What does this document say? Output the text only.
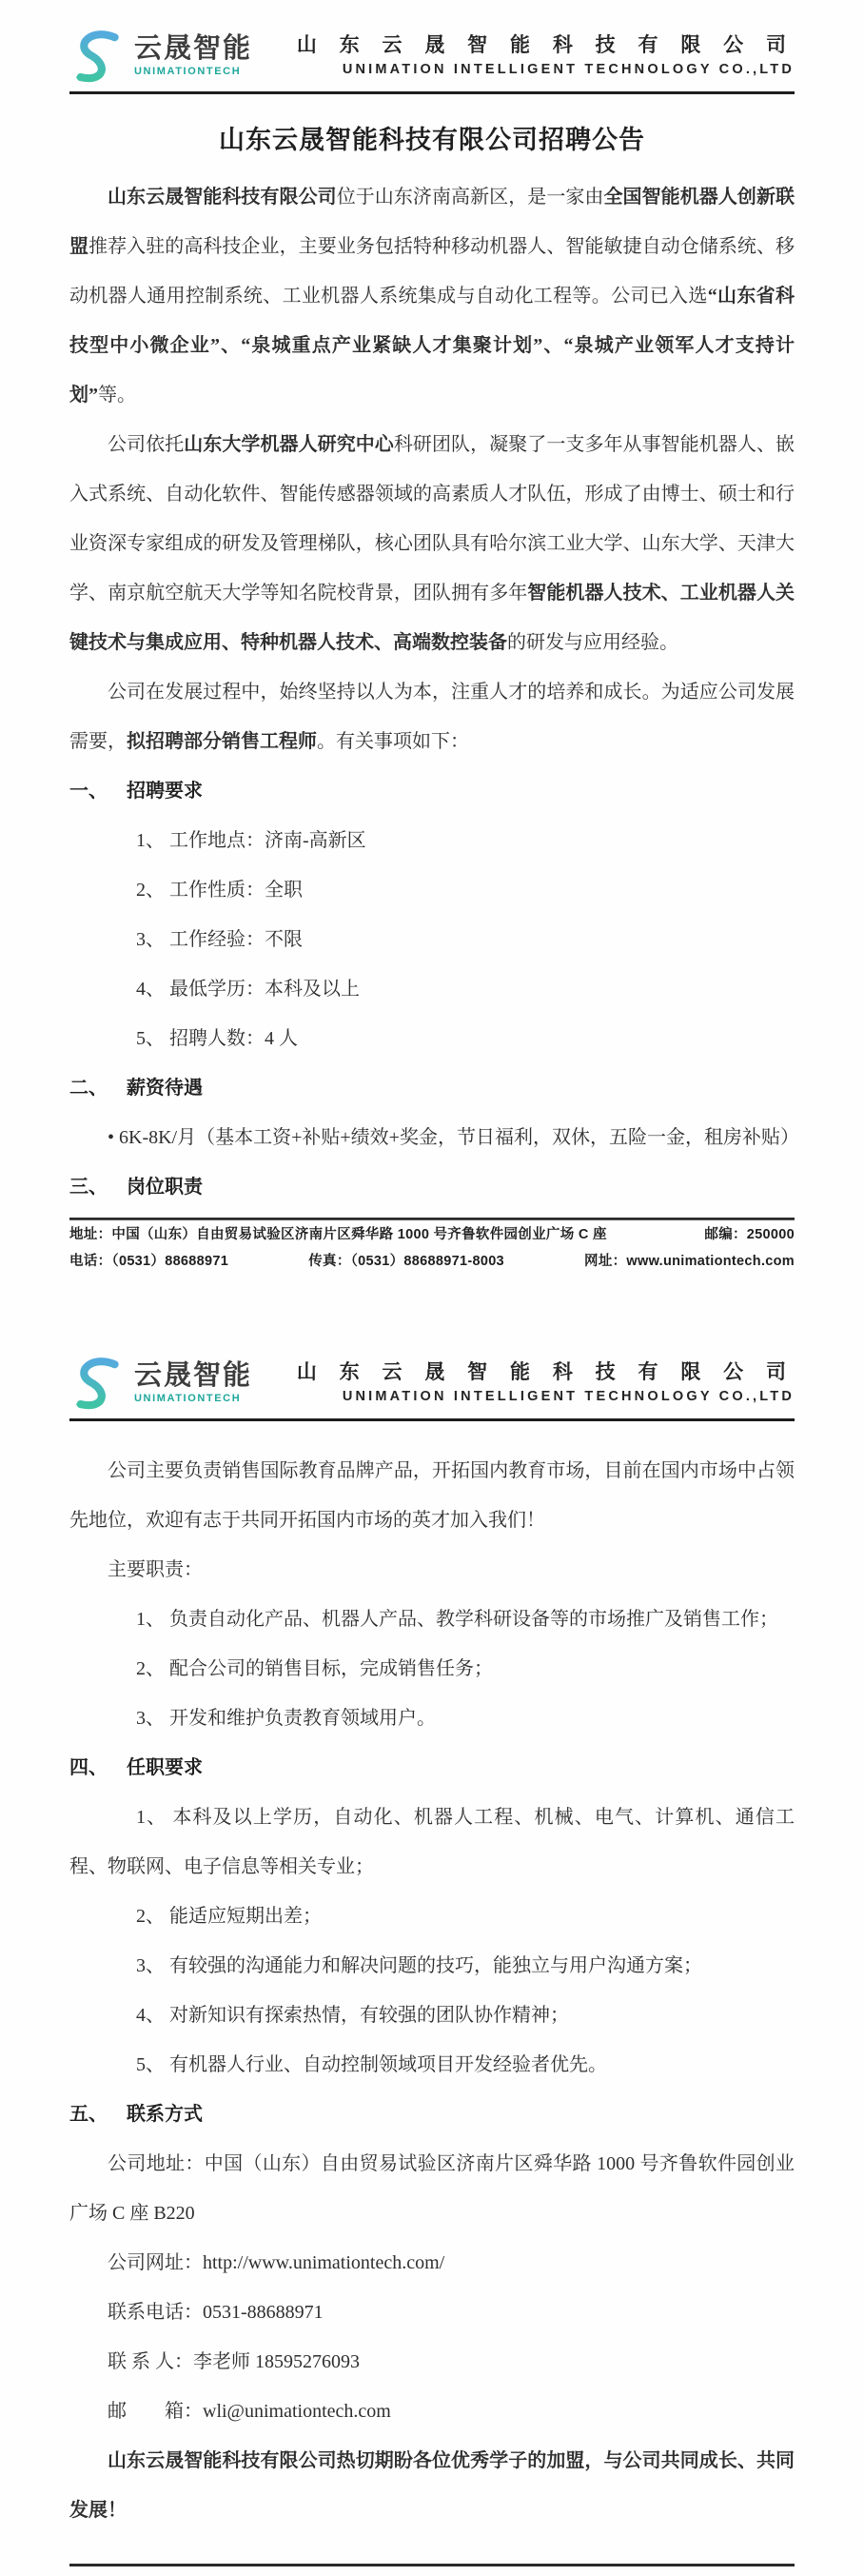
云晟智能
UNIMATIONTECH
山 东 云 晟 智 能 科 技 有 限 公 司
UNIMATION INTELLIGENT TECHNOLOGY CO.,LTD
山东云晟智能科技有限公司招聘公告

山东云晟智能科技有限公司位于山东济南高新区，是一家由全国智能机器人创新联盟推荐入驻的高科技企业，主要业务包括特种移动机器人、智能敏捷自动仓储系统、移动机器人通用控制系统、工业机器人系统集成与自动化工程等。公司已入选“山东省科技型中小微企业”、“泉城重点产业紧缺人才集聚计划”、“泉城产业领军人才支持计划”等。

公司依托山东大学机器人研究中心科研团队，凝聚了一支多年从事智能机器人、嵌入式系统、自动化软件、智能传感器领域的高素质人才队伍，形成了由博士、硕士和行业资深专家组成的研发及管理梯队，核心团队具有哈尔滨工业大学、山东大学、天津大学、南京航空航天大学等知名院校背景，团队拥有多年智能机器人技术、工业机器人关键技术与集成应用、特种机器人技术、高端数控装备的研发与应用经验。

公司在发展过程中，始终坚持以人为本，注重人才的培养和成长。为适应公司发展需要，拟招聘部分销售工程师。有关事项如下：

一、 招聘要求

1、 工作地点：济南-高新区

2、 工作性质：全职

3、 工作经验：不限

4、 最低学历：本科及以上

5、 招聘人数：4 人

二、 薪资待遇

• 6K-8K/月（基本工资+补贴+绩效+奖金，节日福利，双休，五险一金，租房补贴）

三、 岗位职责
地址：中国（山东）自由贸易试验区济南片区舜华路 1000 号齐鲁软件园创业广场 C 座	邮编：250000
电话：（0531）88688971	传真：（0531）88688971-8003	网址：www.unimationtech.com
云晟智能
UNIMATIONTECH
山 东 云 晟 智 能 科 技 有 限 公 司
UNIMATION INTELLIGENT TECHNOLOGY CO.,LTD

公司主要负责销售国际教育品牌产品，开拓国内教育市场，目前在国内市场中占领先地位，欢迎有志于共同开拓国内市场的英才加入我们！

主要职责：

1、 负责自动化产品、机器人产品、教学科研设备等的市场推广及销售工作；

2、 配合公司的销售目标，完成销售任务；

3、 开发和维护负责教育领域用户。

四、 任职要求

1、 本科及以上学历，自动化、机器人工程、机械、电气、计算机、通信工程、物联网、电子信息等相关专业；

2、 能适应短期出差；

3、 有较强的沟通能力和解决问题的技巧，能独立与用户沟通方案；

4、 对新知识有探索热情，有较强的团队协作精神；

5、 有机器人行业、自动控制领域项目开发经验者优先。

五、 联系方式

公司地址：中国（山东）自由贸易试验区济南片区舜华路 1000 号齐鲁软件园创业广场 C 座 B220

公司网址：http://www.unimationtech.com/

联系电话：0531-88688971

联 系 人：李老师 18595276093

邮　　箱：wli@unimationtech.com

山东云晟智能科技有限公司热切期盼各位优秀学子的加盟，与公司共同成长、共同发展！
